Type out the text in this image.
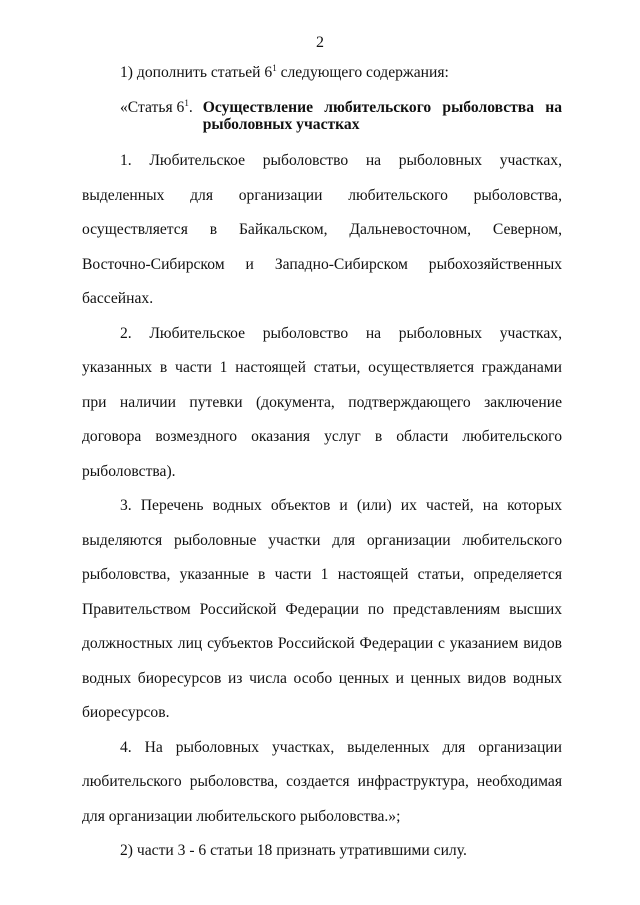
2

1) дополнить статьей $6^1$ следующего содержания:

«Статья $6^1$. Осуществление любительского рыболовства на рыболовных участках

1. Любительское рыболовство на рыболовных участках, выделенных для организации любительского рыболовства, осуществляется в Байкальском, Дальневосточном, Северном, Восточно-Сибирском и Западно-Сибирском рыбохозяйственных бассейнах.

2. Любительское рыболовство на рыболовных участках, указанных в части 1 настоящей статьи, осуществляется гражданами при наличии путевки (документа, подтверждающего заключение договора возмездного оказания услуг в области любительского рыболовства).

3. Перечень водных объектов и (или) их частей, на которых выделяются рыболовные участки для организации любительского рыболовства, указанные в части 1 настоящей статьи, определяется Правительством Российской Федерации по представлениям высших должностных лиц субъектов Российской Федерации с указанием видов водных биоресурсов из числа особо ценных и ценных видов водных биоресурсов.

4. На рыболовных участках, выделенных для организации любительского рыболовства, создается инфраструктура, необходимая для организации любительского рыболовства.»;

2) части 3 - 6 статьи 18 признать утратившими силу.
